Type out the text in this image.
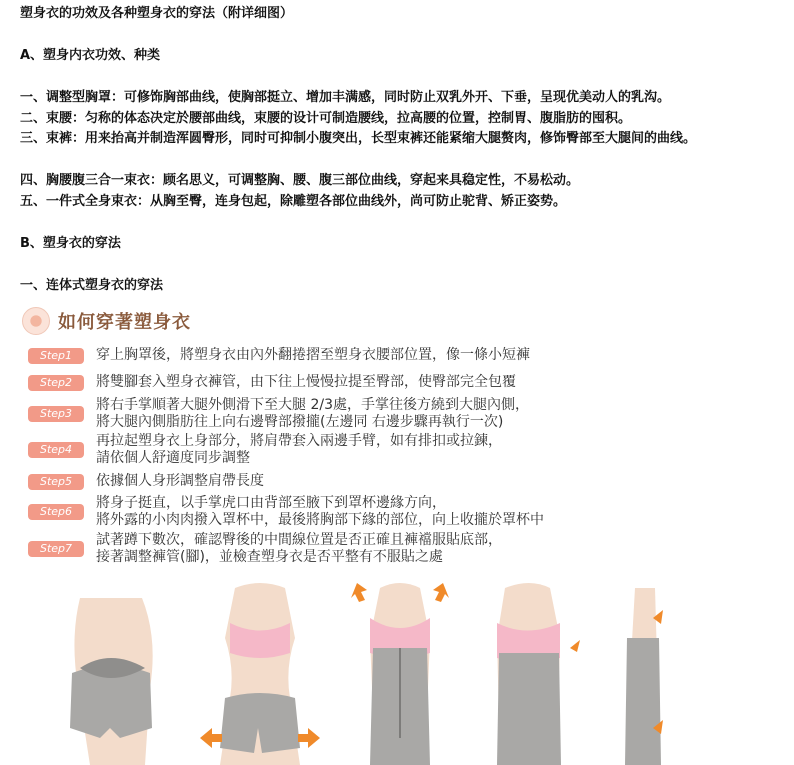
塑身衣的功效及各种塑身衣的穿法（附详细图）
A、塑身内衣功效、种类
一、调整型胸罩：可修饰胸部曲线，使胸部挺立、增加丰满感，同时防止双乳外开、下垂，呈现优美动人的乳沟。
二、束腰：匀称的体态决定於腰部曲线，束腰的设计可制造腰线，拉高腰的位置，控制胃、腹脂肪的囤积。
三、束裤：用来抬高并制造浑圆臀形，同时可抑制小腹突出，长型束裤还能紧缩大腿赘肉，修饰臀部至大腿间的曲线。
四、胸腰腹三合一束衣：顾名思义，可调整胸、腰、腹三部位曲线，穿起来具稳定性，不易松动。
五、一件式全身束衣：从胸至臀，连身包起，除雕塑各部位曲线外，尚可防止驼背、矫正姿势。
B、塑身衣的穿法
一、连体式塑身衣的穿法
如何穿著塑身衣
Step1	穿上胸罩後，將塑身衣由內外翻捲摺至塑身衣腰部位置，像一條小短褲
Step2	將雙腳套入塑身衣褲管，由下往上慢慢拉提至臀部，使臀部完全包覆
Step3
將右手掌順著大腿外側滑下至大腿 2/3處，手掌往後方繞到大腿內側，
將大腿內側脂肪往上向右邊臀部撥攏(左邊同 右邊步驟再執行一次)
Step4
再拉起塑身衣上身部分，將肩帶套入兩邊手臂，如有排扣或拉鍊，
請依個人舒適度同步調整
Step5	依據個人身形調整肩帶長度
Step6
將身子挺直，以手掌虎口由背部至腋下到罩杯邊緣方向，
將外露的小肉肉撥入罩杯中，最後將胸部下緣的部位，向上收攏於罩杯中
Step7
試著蹲下數次，確認臀後的中間線位置是否正確且褲襠服貼底部，
接著調整褲管(腳)，並檢查塑身衣是否平整有不服貼之處
